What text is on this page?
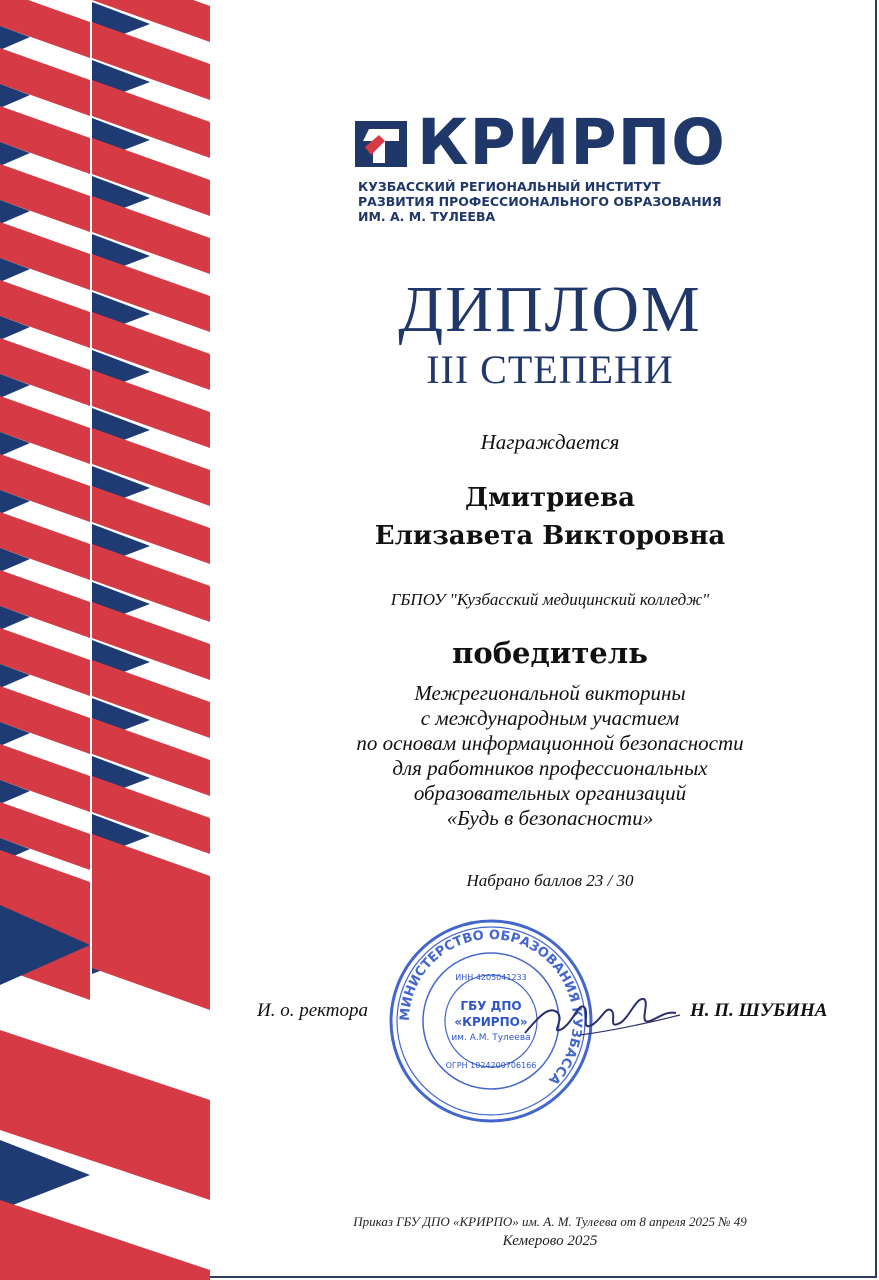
КРИРПО
КУЗБАССКИЙ РЕГИОНАЛЬНЫЙ ИНСТИТУТ
РАЗВИТИЯ ПРОФЕССИОНАЛЬНОГО ОБРАЗОВАНИЯ
ИМ. А. М. ТУЛЕЕВА
ДИПЛОМ
III СТЕПЕНИ
Награждается
Дмитриева
Елизавета Викторовна
ГБПОУ "Кузбасский медицинский колледж"
победитель
Межрегиональной викторины
с международным участием
по основам информационной безопасности
для работников профессиональных
образовательных организаций
«Будь в безопасности»
Набрано баллов 23 / 30
И. о. ректора	Н. П. ШУБИНА
МИНИСТЕРСТВО ОБРАЗОВАНИЯ КУЗБАССА
ГБУ ДПО
«КРИРПО»
им. А.М. Тулеева
ОГРН 1024200706166
ИНН 4205041233
Приказ ГБУ ДПО «КРИРПО» им. А. М. Тулеева от 8 апреля 2025 № 49
Кемерово 2025
